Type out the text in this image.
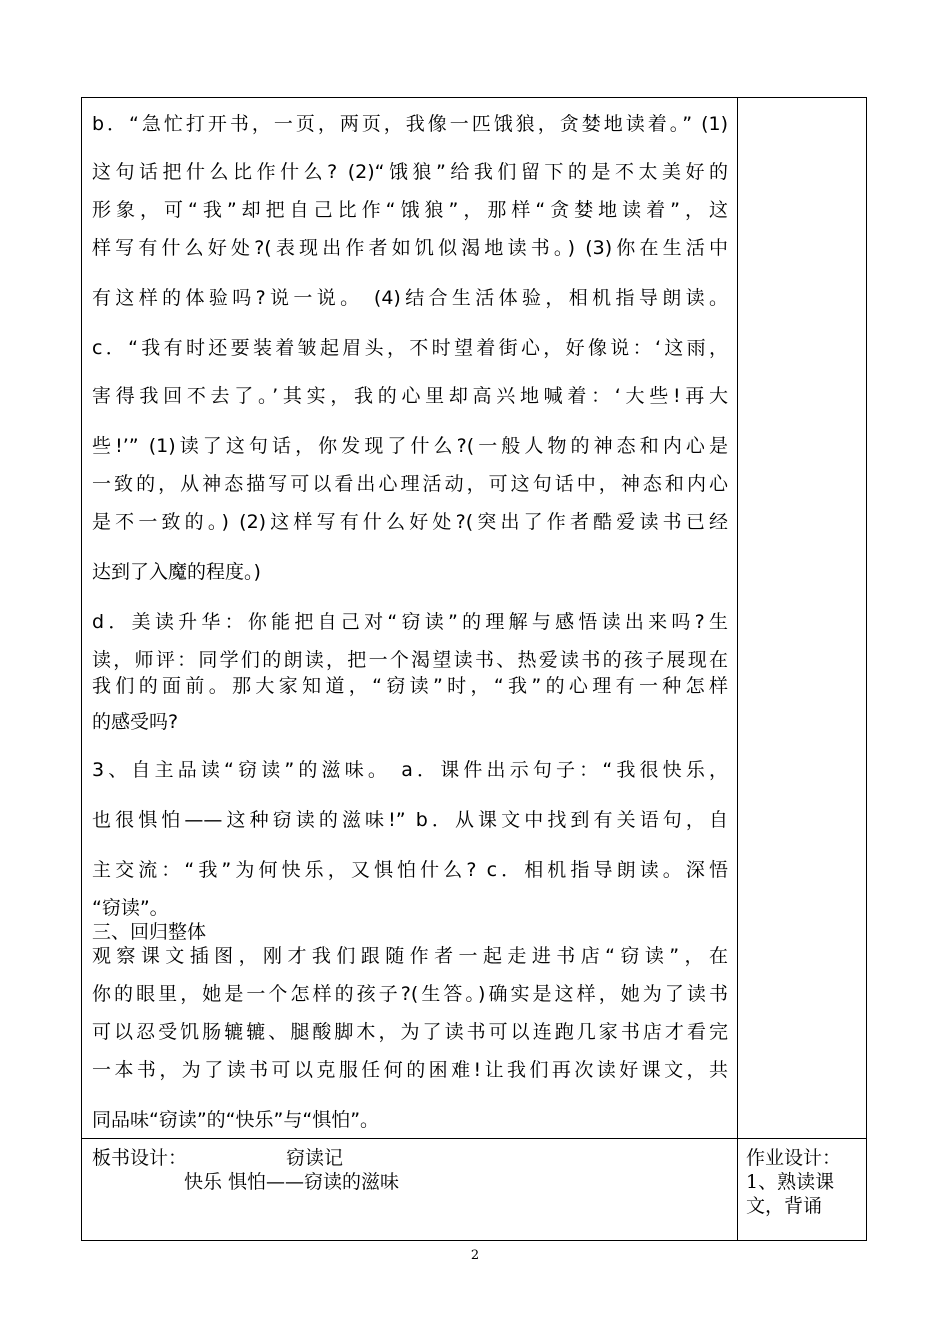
b．“急忙打开书，一页，两页，我像一匹饿狼，贪婪地读着。” (1)
这句话把什么比作什么? (2)“饿狼”给我们留下的是不太美好的
形象，可“我”却把自己比作“饿狼”，那样“贪婪地读着”，这
样写有什么好处?(表现出作者如饥似渴地读书。) (3)你在生活中
有这样的体验吗?说一说。 (4)结合生活体验，相机指导朗读。
c．“我有时还要装着皱起眉头，不时望着街心，好像说：‘这雨，
害得我回不去了。’其实，我的心里却高兴地喊着：‘大些!再大
些!’” (1)读了这句话，你发现了什么?(一般人物的神态和内心是
一致的，从神态描写可以看出心理活动，可这句话中，神态和内心
是不一致的。) (2)这样写有什么好处?(突出了作者酷爱读书已经
达到了入魔的程度。)
d．美读升华：你能把自己对“窃读”的理解与感悟读出来吗?生
读，师评：同学们的朗读，把一个渴望读书、热爱读书的孩子展现在
我们的面前。那大家知道，“窃读”时，“我”的心理有一种怎样
的感受吗?
3、自主品读“窃读”的滋味。 a．课件出示句子：“我很快乐，
也很惧怕——这种窃读的滋味!” b．从课文中找到有关语句，自
主交流：“我”为何快乐，又惧怕什么? c．相机指导朗读。深悟
“窃读”。
三、回归整体
观察课文插图，刚才我们跟随作者一起走进书店“窃读”，在
你的眼里，她是一个怎样的孩子?(生答。)确实是这样，她为了读书
可以忍受饥肠辘辘、腿酸脚木，为了读书可以连跑几家书店才看完
一本书，为了读书可以克服任何的困难!让我们再次读好课文，共
同品味“窃读”的“快乐”与“惧怕”。
板书设计：	窃读记
快乐 惧怕——窃读的滋味
作业设计：
1、熟读课
文，背诵
2
